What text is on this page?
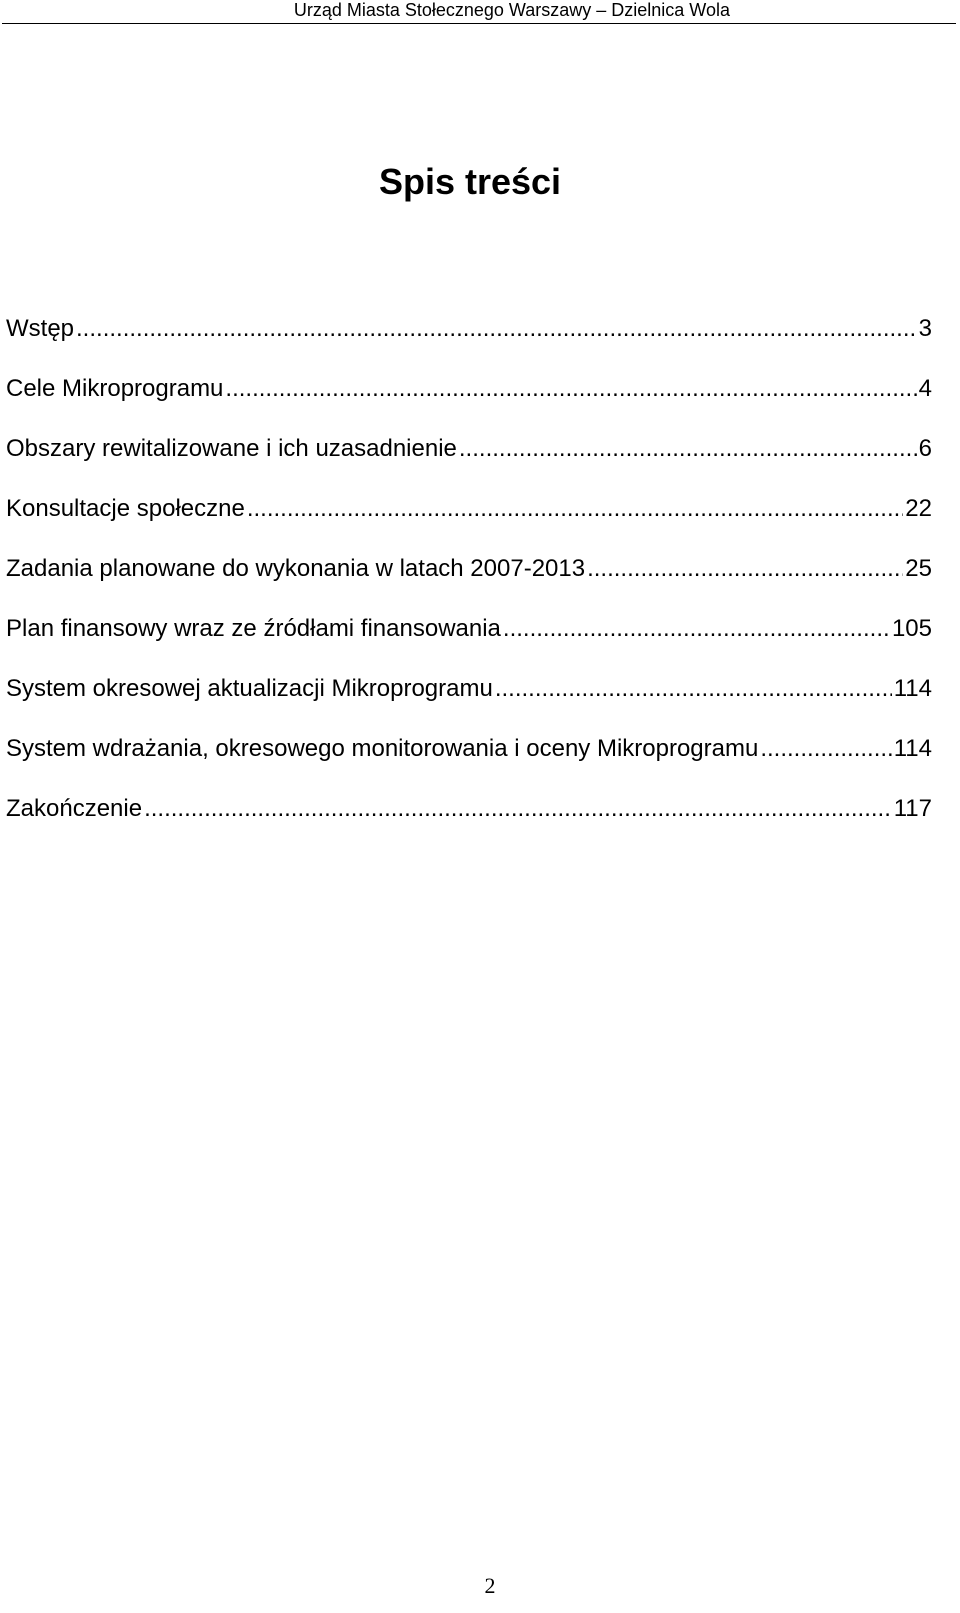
Urząd Miasta Stołecznego Warszawy – Dzielnica Wola
Spis treści
Wstęp .....	3
Cele Mikroprogramu .....	4
Obszary rewitalizowane i ich uzasadnienie .....	6
Konsultacje społeczne .....	22
Zadania planowane do wykonania w latach 2007-2013 .....	25
Plan finansowy wraz ze źródłami finansowania .....	105
System okresowej aktualizacji Mikroprogramu .....	114
System wdrażania, okresowego monitorowania i oceny Mikroprogramu .....	114
Zakończenie .....	117
2
